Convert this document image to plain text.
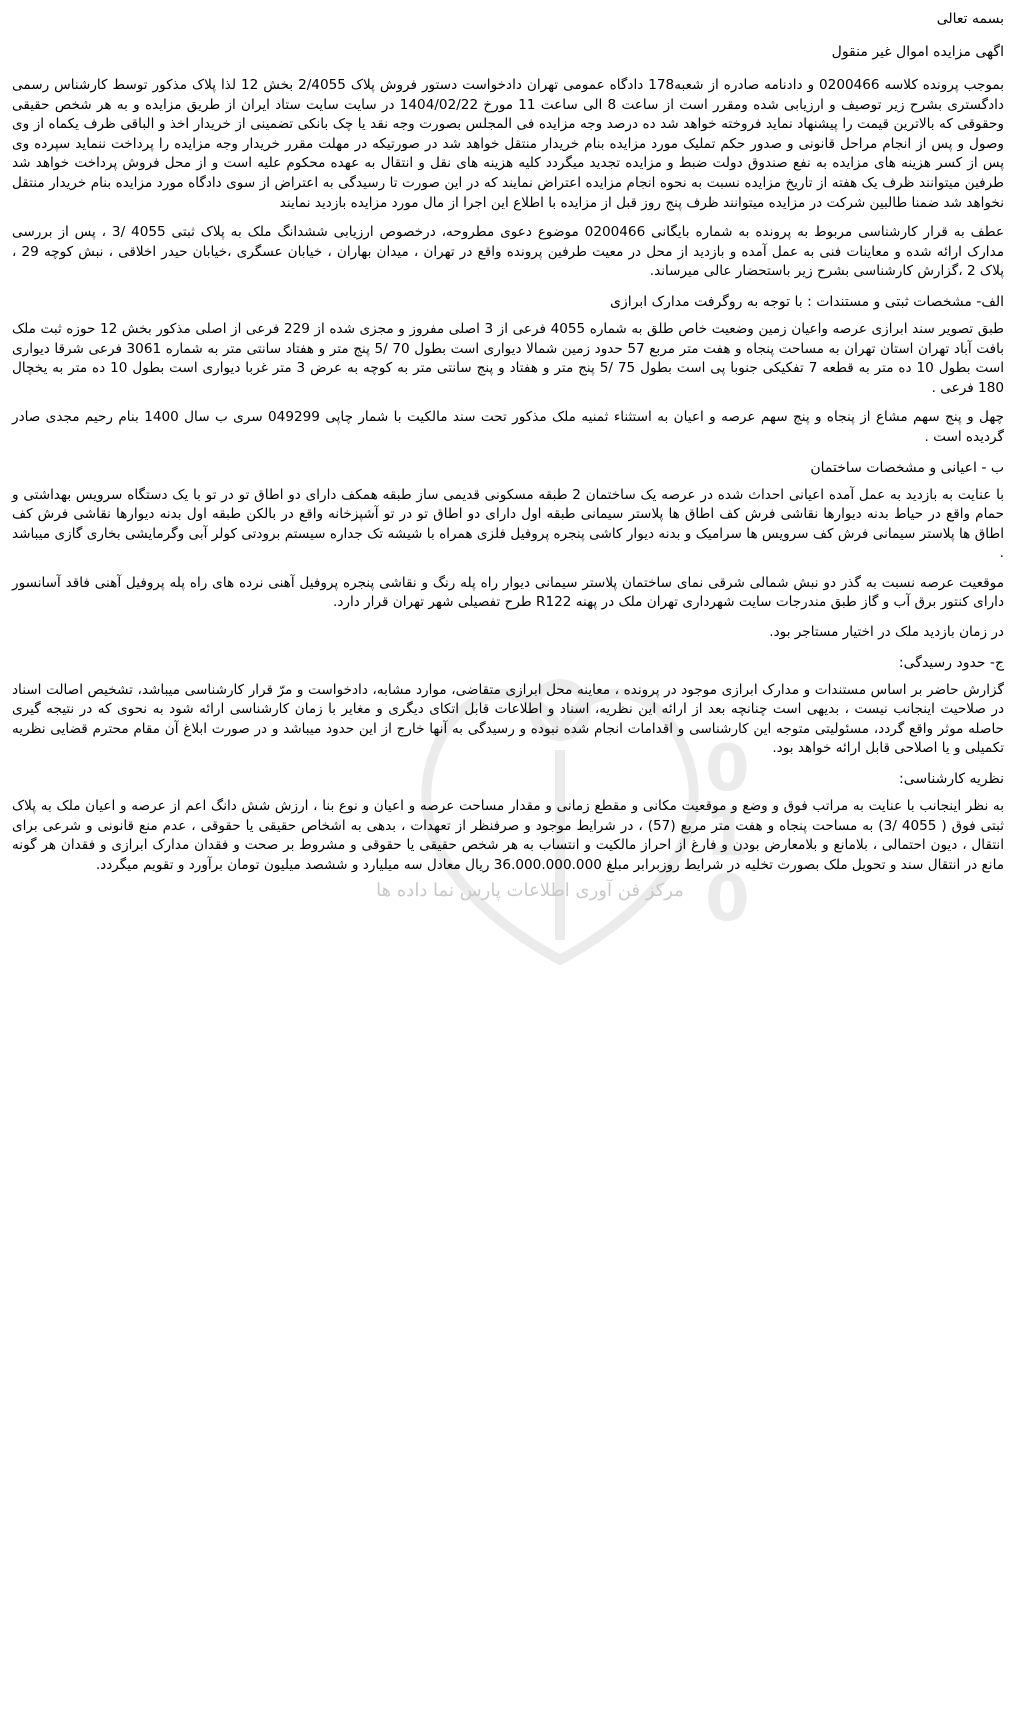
0
1
0
مرکز فن آوری اطلاعات پارس نما داده ها
بسمه تعالی
اگهی مزایده اموال غیر منقول

بموجب پرونده کلاسه 0200466 و دادنامه صادره از شعبه178 دادگاه عمومی تهران دادخواست دستور فروش پلاک 2/4055 بخش 12 لذا پلاک مذکور توسط کارشناس رسمی دادگستری بشرح زیر توصیف و ارزیابی شده ومقرر است از ساعت 8 الی ساعت 11 مورخ 1404/02/22 در سایت سایت ستاد ایران از طریق مزایده و به هر شخص حقیقی وحقوقی که بالاترین قیمت را پیشنهاد نماید فروخته خواهد شد ده درصد وجه مزایده فی المجلس بصورت وجه نقد یا چک بانکی تضمینی از خریدار اخذ و الباقی ظرف یکماه از وی وصول و پس از انجام مراحل قانونی و صدور حکم تملیک مورد مزایده بنام خریدار منتقل خواهد شد در صورتیکه در مهلت مقرر خریدار وجه مزایده را پرداخت ننماید سپرده وی پس از کسر هزینه های مزایده به نفع صندوق دولت ضبط و مزایده تجدید میگردد کلیه هزینه های نقل و انتقال به عهده محکوم علیه است و از محل فروش پرداخت خواهد شد طرفین میتوانند ظرف یک هفته از تاریخ مزایده نسبت به نحوه انجام مزایده اعتراض نمایند که در این صورت تا رسیدگی به اعتراض از سوی دادگاه مورد مزایده بنام خریدار منتقل نخواهد شد ضمنا طالبین شرکت در مزایده میتوانند ظرف پنج روز قبل از مزایده با اطلاع این اجرا از مال مورد مزایده بازدید نمایند

عطف به قرار کارشناسی مربوط به پرونده به شماره بایگانی 0200466 موضوع دعوی مطروحه، درخصوص ارزیابی ششدانگ ملک به پلاک ثبتی 4055 /3 ، پس از بررسی مدارک ارائه شده و معاینات فنی به عمل آمده و بازدید از محل در معیت طرفین پرونده واقع در تهران ، میدان بهاران ، خیابان عسگری ،خیابان حیدر اخلاقی ، نبش کوچه 29 ، پلاک 2 ،گزارش کارشناسی بشرح زیر باستحضار عالی میرساند.

الف- مشخصات ثبتی و مستندات : با توجه به روگرفت مدارک ابرازی

طبق تصویر سند ابرازی عرصه واعیان زمین وضعیت خاص طلق به شماره 4055 فرعی از 3 اصلی مفروز و مجزی شده از 229 فرعی از اصلی مذکور بخش 12 حوزه ثبت ملک بافت آباد تهران استان تهران به مساحت پنجاه و هفت متر مربع 57 حدود زمین شمالا دیواری است بطول 70 /5 پنج متر و هفتاد سانتی متر به شماره 3061 فرعی شرقا دیواری است بطول 10 ده متر به قطعه 7 تفکیکی جنوبا پی است بطول 75 /5 پنج متر و هفتاد و پنج سانتی متر به کوچه به عرض 3 متر غربا دیواری است بطول 10 ده متر به یخچال 180 فرعی .

چهل و پنج سهم مشاع از پنجاه و پنج سهم عرصه و اعیان به استثناء ثمنیه ملک مذکور تحت سند مالکیت با شمار چاپی 049299 سری ب سال 1400 بنام رحیم مجدی صادر گردیده است .

ب - اعیانی و مشخصات ساختمان

با عنایت به بازدید به عمل آمده اعیانی احداث شده در عرصه یک ساختمان 2 طبقه مسکونی قدیمی ساز طبقه همکف دارای دو اطاق تو در تو با یک دستگاه سرویس بهداشتی و حمام واقع در حیاط بدنه دیوارها نقاشی فرش کف اطاق ها پلاستر سیمانی طبقه اول دارای دو اطاق تو در تو آشپزخانه واقع در بالکن طبقه اول بدنه دیوارها نقاشی فرش کف اطاق ها پلاستر سیمانی فرش کف سرویس ها سرامیک و بدنه دیوار کاشی پنجره پروفیل فلزی همراه با شیشه تک جداره سیستم برودتی کولر آبی وگرمایشی بخاری گازی میباشد .

موقعیت عرصه نسبت به گذر دو نبش شمالی شرقی نمای ساختمان پلاستر سیمانی دیوار راه پله رنگ و نقاشی پنجره پروفیل آهنی نرده های راه پله پروفیل آهنی فاقد آسانسور دارای کنتور برق آب و گاز طبق مندرجات سایت شهرداری تهران ملک در پهنه R122 طرح تفصیلی شهر تهران قرار دارد.

در زمان بازدید ملک در اختیار مستاجر بود.

ج- حدود رسیدگی:

گزارش حاضر بر اساس مستندات و مدارک ابرازی موجود در پرونده ، معاینه محل ابرازی متقاضی، موارد مشابه، دادخواست و مرّ قرار کارشناسی میباشد، تشخیص اصالت اسناد در صلاحیت اینجانب نیست ، بدیهی است چنانچه بعد از ارائه این نظریه، اسناد و اطلاعات قابل اتکای دیگری و مغایر با زمان کارشناسی ارائه شود به نحوی که در نتیجه گیری حاصله موثر واقع گردد، مسئولیتی متوجه این کارشناسی و اقدامات انجام شده نبوده و رسیدگی به آنها خارج از این حدود میباشد و در صورت ابلاغ آن مقام محترم قضایی نظریه تکمیلی و یا اصلاحی قابل ارائه خواهد بود.

نظریه کارشناسی:

به نظر اینجانب با عنایت به مراتب فوق و وضع و موقعیت مکانی و مقطع زمانی و مقدار مساحت عرصه و اعیان و نوع بنا ، ارزش شش دانگ اعم از عرصه و اعیان ملک به پلاک ثبتی فوق ( 4055 /3) به مساحت پنجاه و هفت متر مربع (57) ، در شرایط موجود و صرفنظر از تعهدات ، بدهی به اشخاص حقیقی یا حقوقی ، عدم منع قانونی و شرعی برای انتقال ، دیون احتمالی ، بلامانع و بلامعارض بودن و فارغ از احراز مالکیت و انتساب به هر شخص حقیقی یا حقوقی و مشروط بر صحت و فقدان مدارک ابرازی و فقدان هر گونه مانع در انتقال سند و تحویل ملک بصورت تخلیه در شرایط روزبرابر مبلغ 36.000.000.000 ریال معادل سه میلیارد و ششصد میلیون تومان برآورد و تقویم میگردد.
